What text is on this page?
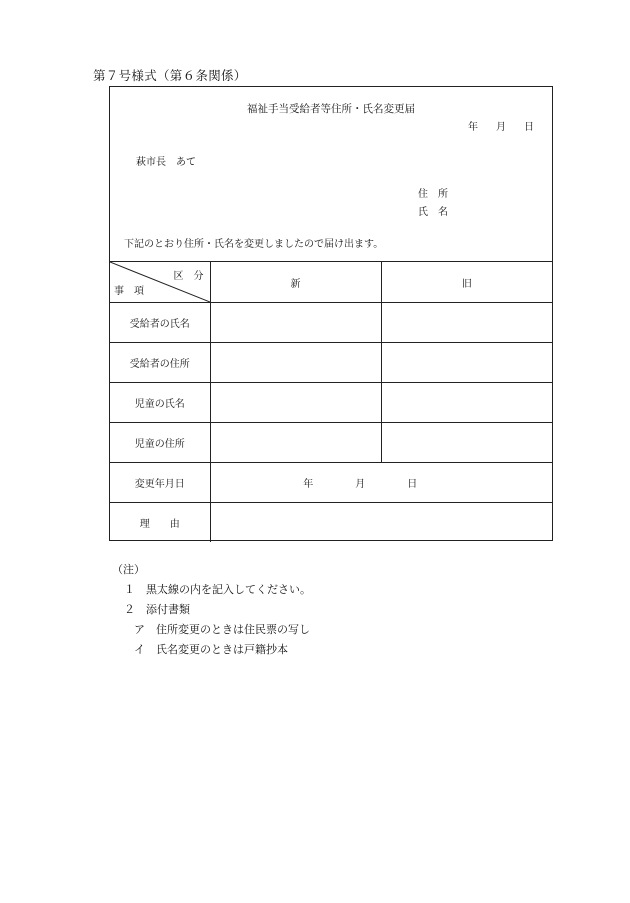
第７号様式（第６条関係）
福祉手当受給者等住所・氏名変更届
年 月 日
萩市長　あて
住　所
氏　名
下記のとおり住所・氏名を変更しましたので届け出ます。
区　分
事　項	新	旧
受給者の氏名		
受給者の住所		
児童の氏名		
児童の住所		
変更年月日	年 月 日	

理　　由		
（注）
１　黒太線の内を記入してください。
２　添付書類
ア　住所変更のときは住民票の写し
イ　氏名変更のときは戸籍抄本
